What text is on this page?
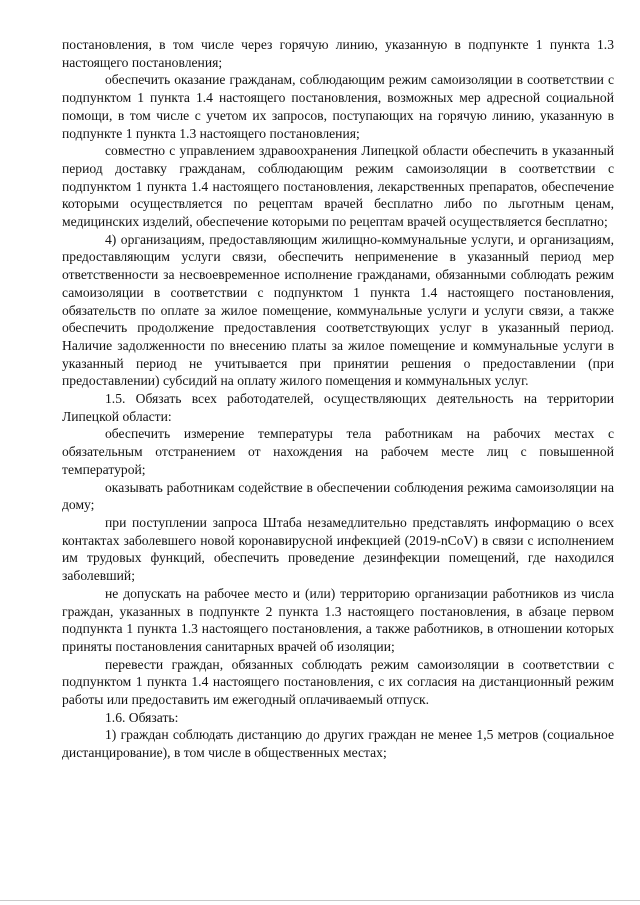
постановления, в том числе через горячую линию, указанную в подпункте 1 пункта 1.3 настоящего постановления;

обеспечить оказание гражданам, соблюдающим режим самоизоляции в соответствии с подпунктом 1 пункта 1.4 настоящего постановления, возможных мер адресной социальной помощи, в том числе с учетом их запросов, поступающих на горячую линию, указанную в подпункте 1 пункта 1.3 настоящего постановления;

совместно с управлением здравоохранения Липецкой области обеспечить в указанный период доставку гражданам, соблюдающим режим самоизоляции в соответствии с подпунктом 1 пункта 1.4 настоящего постановления, лекарственных препаратов, обеспечение которыми осуществляется по рецептам врачей бесплатно либо по льготным ценам, медицинских изделий, обеспечение которыми по рецептам врачей осуществляется бесплатно;

4) организациям, предоставляющим жилищно-коммунальные услуги, и организациям, предоставляющим услуги связи, обеспечить неприменение в указанный период мер ответственности за несвоевременное исполнение гражданами, обязанными соблюдать режим самоизоляции в соответствии с подпунктом 1 пункта 1.4 настоящего постановления, обязательств по оплате за жилое помещение, коммунальные услуги и услуги связи, а также обеспечить продолжение предоставления соответствующих услуг в указанный период. Наличие задолженности по внесению платы за жилое помещение и коммунальные услуги в указанный период не учитывается при принятии решения о предоставлении (при предоставлении) субсидий на оплату жилого помещения и коммунальных услуг.

1.5. Обязать всех работодателей, осуществляющих деятельность на территории Липецкой области:

обеспечить измерение температуры тела работникам на рабочих местах с обязательным отстранением от нахождения на рабочем месте лиц с повышенной температурой;

оказывать работникам содействие в обеспечении соблюдения режима самоизоляции на дому;

при поступлении запроса Штаба незамедлительно представлять информацию о всех контактах заболевшего новой коронавирусной инфекцией (2019-nCoV) в связи с исполнением им трудовых функций, обеспечить проведение дезинфекции помещений, где находился заболевший;

не допускать на рабочее место и (или) территорию организации работников из числа граждан, указанных в подпункте 2 пункта 1.3 настоящего постановления, в абзаце первом подпункта 1 пункта 1.3 настоящего постановления, а также работников, в отношении которых приняты постановления санитарных врачей об изоляции;

перевести граждан, обязанных соблюдать режим самоизоляции в соответствии с подпунктом 1 пункта 1.4 настоящего постановления, с их согласия на дистанционный режим работы или предоставить им ежегодный оплачиваемый отпуск.

1.6. Обязать:

1) граждан соблюдать дистанцию до других граждан не менее 1,5 метров (социальное дистанцирование), в том числе в общественных местах;
